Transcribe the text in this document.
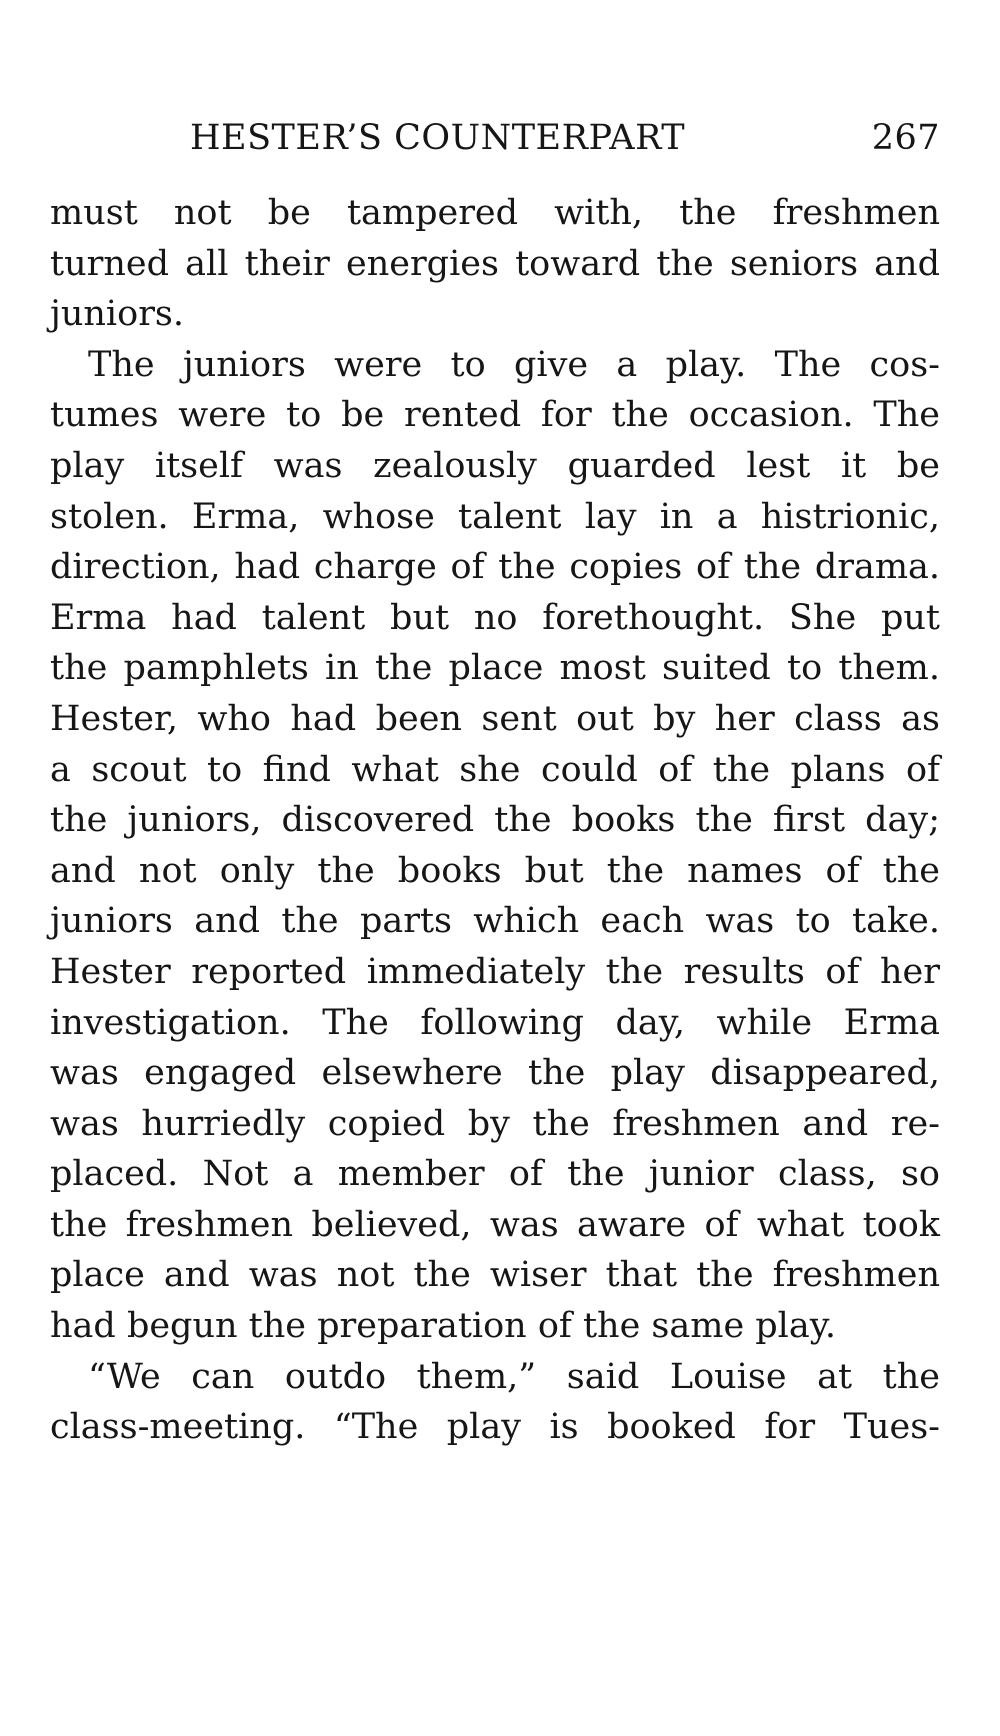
HESTER’S COUNTERPART	267
must not be tampered with, the freshmen
turned all their energies toward the seniors and
juniors.
The juniors were to give a play. The cos-
tumes were to be rented for the occasion. The
play itself was zealously guarded lest it be
stolen. Erma, whose talent lay in a histrionic,
direction, had charge of the copies of the drama.
Erma had talent but no forethought. She put
the pamphlets in the place most suited to them.
Hester, who had been sent out by her class as
a scout to find what she could of the plans of
the juniors, discovered the books the first day;
and not only the books but the names of the
juniors and the parts which each was to take.
Hester reported immediately the results of her
investigation. The following day, while Erma
was engaged elsewhere the play disappeared,
was hurriedly copied by the freshmen and re-
placed. Not a member of the junior class, so
the freshmen believed, was aware of what took
place and was not the wiser that the freshmen
had begun the preparation of the same play.
“We can outdo them,” said Louise at the
class-meeting. “The play is booked for Tues-
